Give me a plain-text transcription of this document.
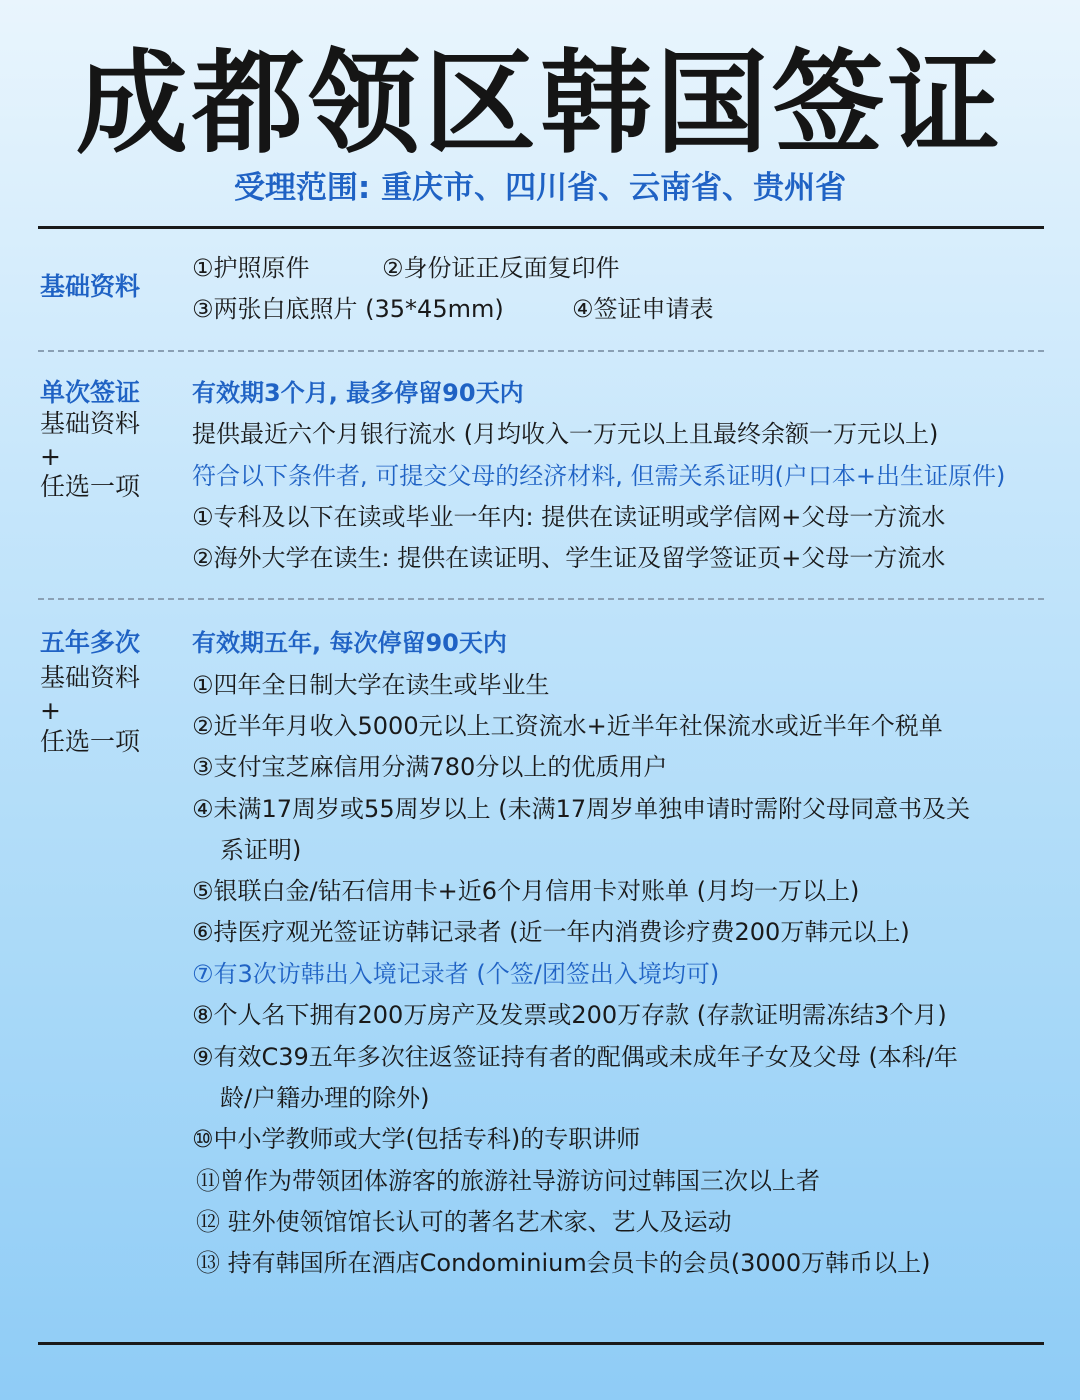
成都领区韩国签证
受理范围: 重庆市、四川省、云南省、贵州省
基础资料
①护照原件	②身份证正反面复印件
③两张白底照片 (35*45mm)	④签证申请表
单次签证
基础资料
+
任选一项
有效期3个月, 最多停留90天内
提供最近六个月银行流水 (月均收入一万元以上且最终余额一万元以上)
符合以下条件者, 可提交父母的经济材料, 但需关系证明(户口本+出生证原件)
①专科及以下在读或毕业一年内: 提供在读证明或学信网+父母一方流水
②海外大学在读生: 提供在读证明、学生证及留学签证页+父母一方流水
五年多次
基础资料
+
任选一项
有效期五年, 每次停留90天内
①四年全日制大学在读生或毕业生
②近半年月收入5000元以上工资流水+近半年社保流水或近半年个税单
③支付宝芝麻信用分满780分以上的优质用户
④未满17周岁或55周岁以上 (未满17周岁单独申请时需附父母同意书及关
系证明)
⑤银联白金/钻石信用卡+近6个月信用卡对账单 (月均一万以上)
⑥持医疗观光签证访韩记录者 (近一年内消费诊疗费200万韩元以上)
⑦有3次访韩出入境记录者 (个签/团签出入境均可)
⑧个人名下拥有200万房产及发票或200万存款 (存款证明需冻结3个月)
⑨有效C39五年多次往返签证持有者的配偶或未成年子女及父母 (本科/年
龄/户籍办理的除外)
⑩中小学教师或大学(包括专科)的专职讲师
⑪曾作为带领团体游客的旅游社导游访问过韩国三次以上者
⑫ 驻外使领馆馆长认可的著名艺术家、艺人及运动
⑬ 持有韩国所在酒店Condominium会员卡的会员(3000万韩币以上)
